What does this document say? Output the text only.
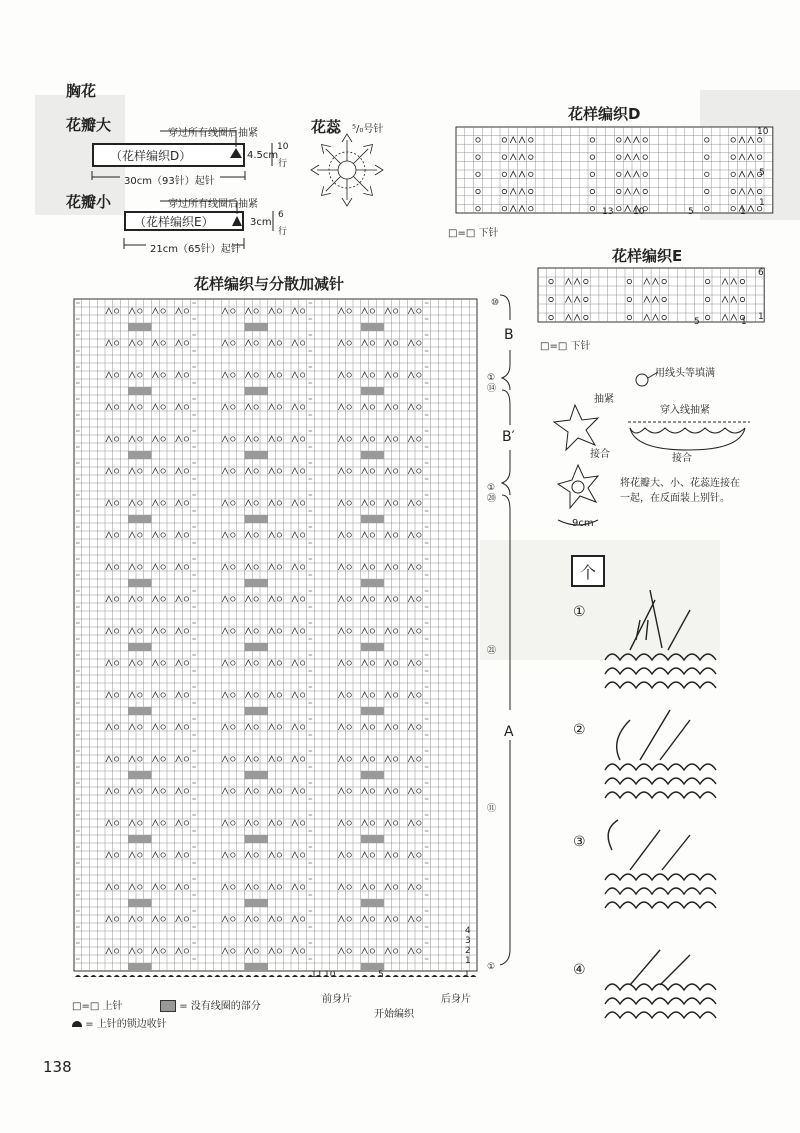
胸花
花瓣大	穿过所有线圈后抽紧
（花样编织D）	4.5cm
10
行
30cm（93针）起针
花瓣小	穿过所有线圈后抽紧
（花样编织E）	3cm
6
行
21cm（65针）起针
花蕊 ⁵/₀号针
花样编织D
10
5
1
13 10	5	1
□=□ 下针
花样编织E
6
1
5	1
□=□ 下针
花样编织与分散加减针
⑩
①
⑭
①
⑳
㉑
⑪
①
4
3
2
1
11 10	5	1
前身片	后身片
开始编织
B
B′
A
□=□ 上针	= 没有线圈的部分
= 上针的锁边收针
用线头等填满
抽紧
接合
穿入线抽紧
接合
将花瓣大、小、花蕊连接在一起，在反面装上别针。
9cm
个
①
②
③
④
138
